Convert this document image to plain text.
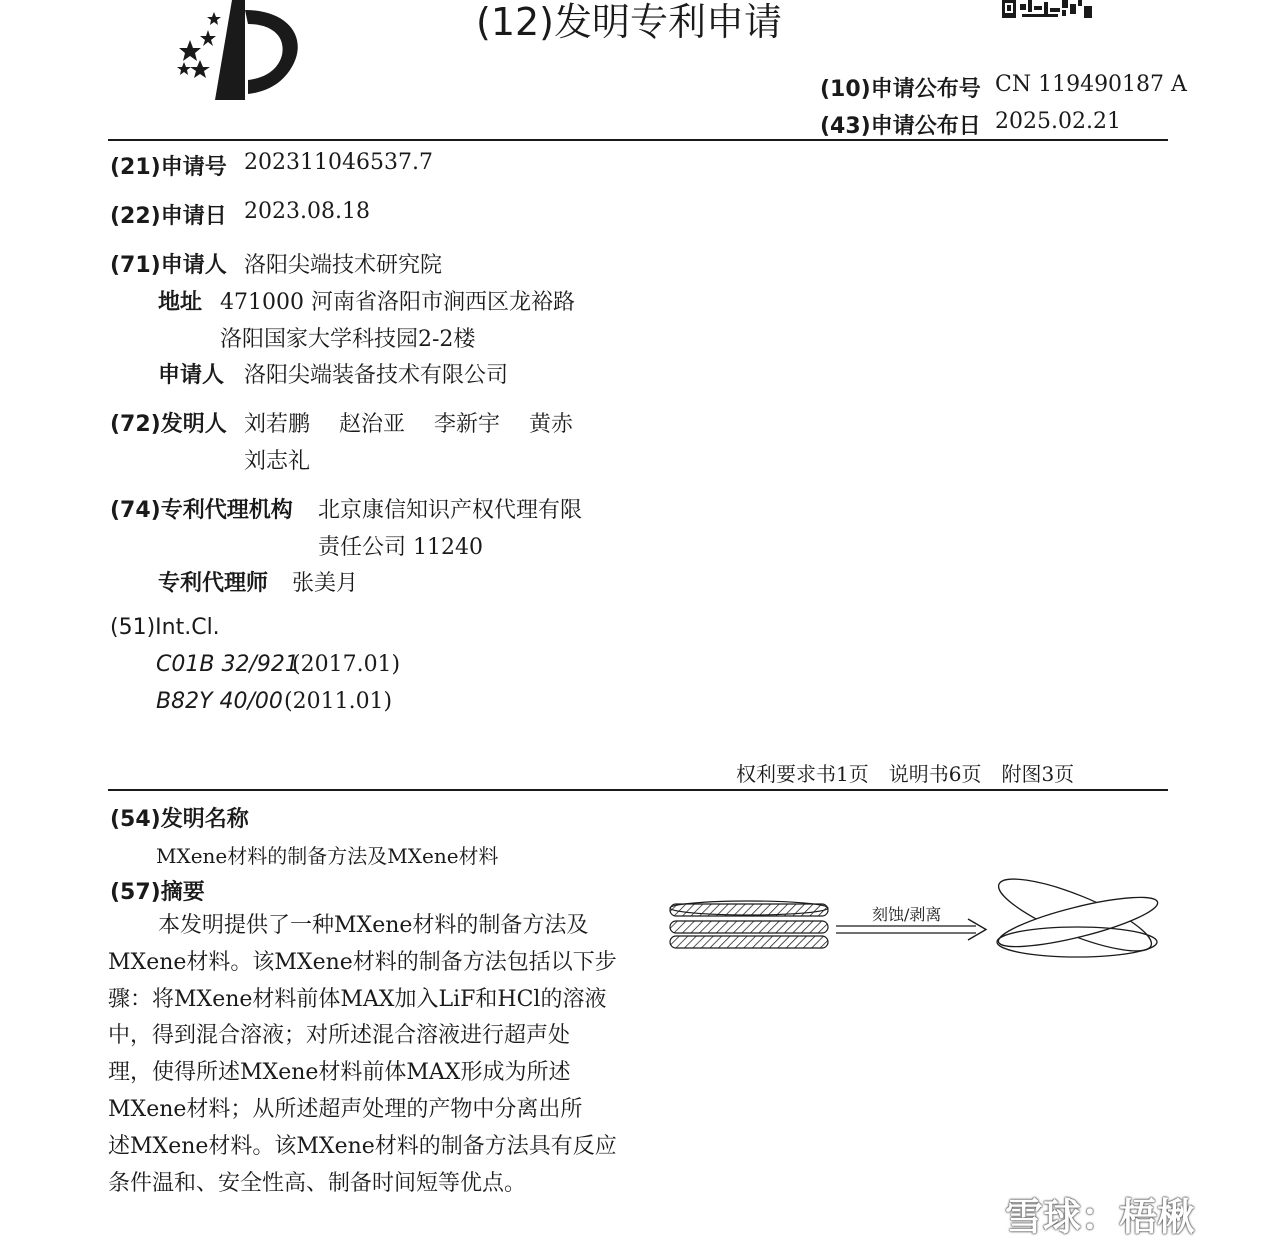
(12)发明专利申请
(10)申请公布号 CN 119490187 A
(43)申请公布日 2025.02.21
(21)申请号 202311046537.7
(22)申请日 2023.08.18
(71)申请人 洛阳尖端技术研究院
地址 471000 河南省洛阳市涧西区龙裕路
洛阳国家大学科技园2-2楼
申请人 洛阳尖端装备技术有限公司
(72)发明人 刘若鹏　 赵治亚　 李新宇　 黄赤
刘志礼
(74)专利代理机构 北京康信知识产权代理有限
责任公司 11240
专利代理师 张美月
(51)Int.Cl.
C01B 32/921
(2017.01)
B82Y 40/00 (2011.01)
权利要求书1页　说明书6页　附图3页
(54)发明名称
MXene材料的制备方法及MXene材料
(57)摘要
本发明提供了一种MXene材料的制备方法及
MXene材料。该MXene材料的制备方法包括以下步
骤：将MXene材料前体MAX加入LiF和HCl的溶液
中，得到混合溶液；对所述混合溶液进行超声处
理，使得所述MXene材料前体MAX形成为所述
MXene材料；从所述超声处理的产物中分离出所
述MXene材料。该MXene材料的制备方法具有反应
条件温和、安全性高、制备时间短等优点。
刻蚀/剥离
雪球：梧楸
